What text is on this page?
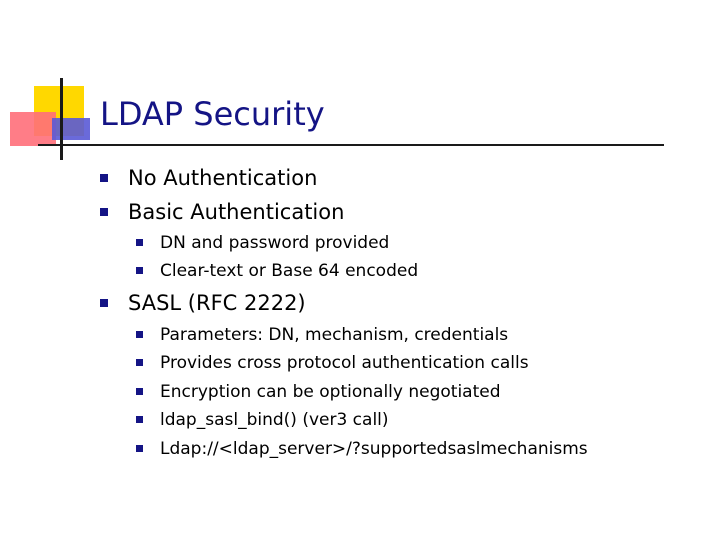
LDAP Security
No Authentication
Basic Authentication
DN and password provided
Clear-text or Base 64 encoded
SASL (RFC 2222)
Parameters: DN, mechanism, credentials
Provides cross protocol authentication calls
Encryption can be optionally negotiated
ldap_sasl_bind() (ver3 call)
Ldap://<ldap_server>/?supportedsaslmechanisms
